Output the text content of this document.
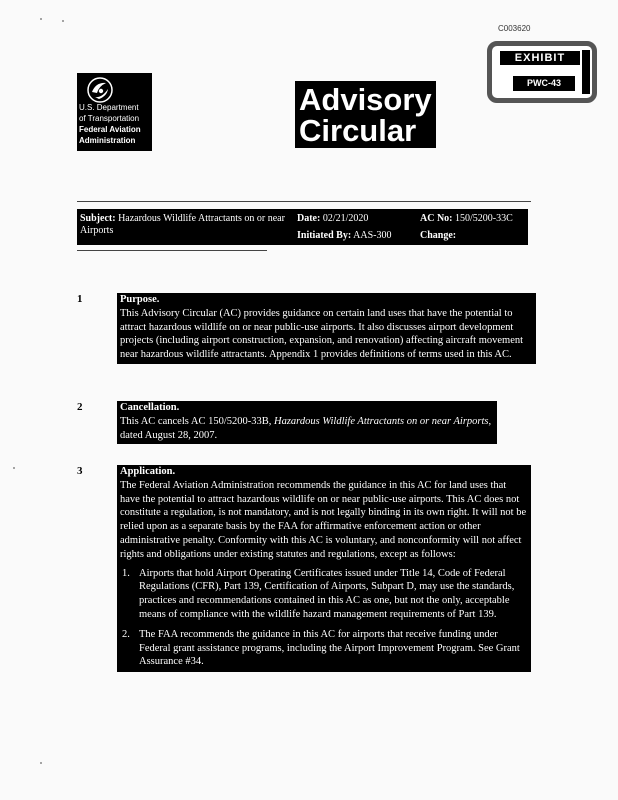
C003620
EXHIBIT
PWC-43
U.S. Department
of Transportation
Federal Aviation
Administration
Advisory
Circular
Subject: Hazardous Wildlife Attractants on or near Airports
Date: 02/21/2020
Initiated By: AAS-300
AC No: 150/5200-33C
Change:
1	Purpose.

This Advisory Circular (AC) provides guidance on certain land uses that have the potential to attract hazardous wildlife on or near public-use airports. It also discusses airport development projects (including airport construction, expansion, and renovation) affecting aircraft movement near hazardous wildlife attractants. Appendix 1 provides definitions of terms used in this AC.

2	Cancellation.

This AC cancels AC 150/5200-33B, Hazardous Wildlife Attractants on or near Airports, dated August 28, 2007.

3	Application.

The Federal Aviation Administration recommends the guidance in this AC for land uses that have the potential to attract hazardous wildlife on or near public-use airports. This AC does not constitute a regulation, is not mandatory, and is not legally binding in its own right. It will not be relied upon as a separate basis by the FAA for affirmative enforcement action or other administrative penalty. Conformity with this AC is voluntary, and nonconformity will not affect rights and obligations under existing statutes and regulations, except as follows:

1. Airports that hold Airport Operating Certificates issued under Title 14, Code of Federal Regulations (CFR), Part 139, Certification of Airports, Subpart D, may use the standards, practices and recommendations contained in this AC as one, but not the only, acceptable means of compliance with the wildlife hazard management requirements of Part 139.
2. The FAA recommends the guidance in this AC for airports that receive funding under Federal grant assistance programs, including the Airport Improvement Program. See Grant Assurance #34.
